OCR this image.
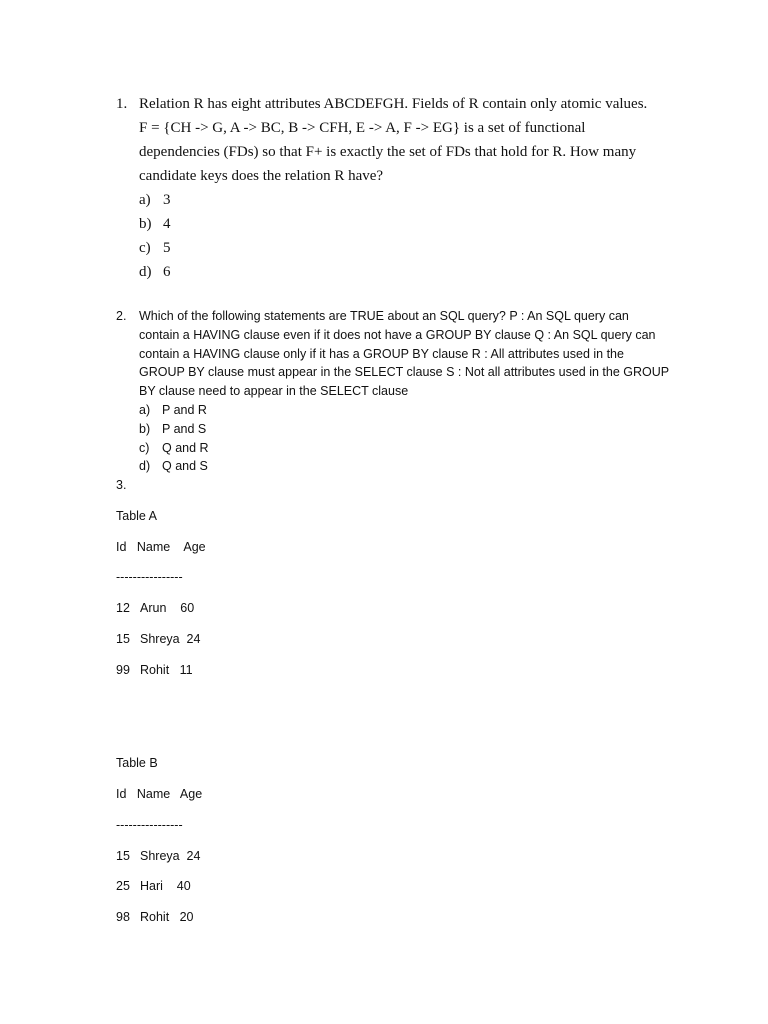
1. Relation R has eight attributes ABCDEFGH. Fields of R contain only atomic values.
F = {CH -> G, A -> BC, B -> CFH, E -> A, F -> EG} is a set of functional
dependencies (FDs) so that F+ is exactly the set of FDs that hold for R. How many
candidate keys does the relation R have?
a) 3
b) 4
c) 5
d) 6
2. Which of the following statements are TRUE about an SQL query? P : An SQL query can
contain a HAVING clause even if it does not have a GROUP BY clause Q : An SQL query can
contain a HAVING clause only if it has a GROUP BY clause R : All attributes used in the
GROUP BY clause must appear in the SELECT clause S : Not all attributes used in the GROUP
BY clause need to appear in the SELECT clause
a) P and R
b) P and S
c)	Q and R
d) Q and S
3.
Table A
Id   Name    Age
----------------
12 Arun    60
15 Shreya  24
99 Rohit   11
Table B
Id   Name   Age
----------------
15 Shreya  24
25 Hari    40
98 Rohit   20
